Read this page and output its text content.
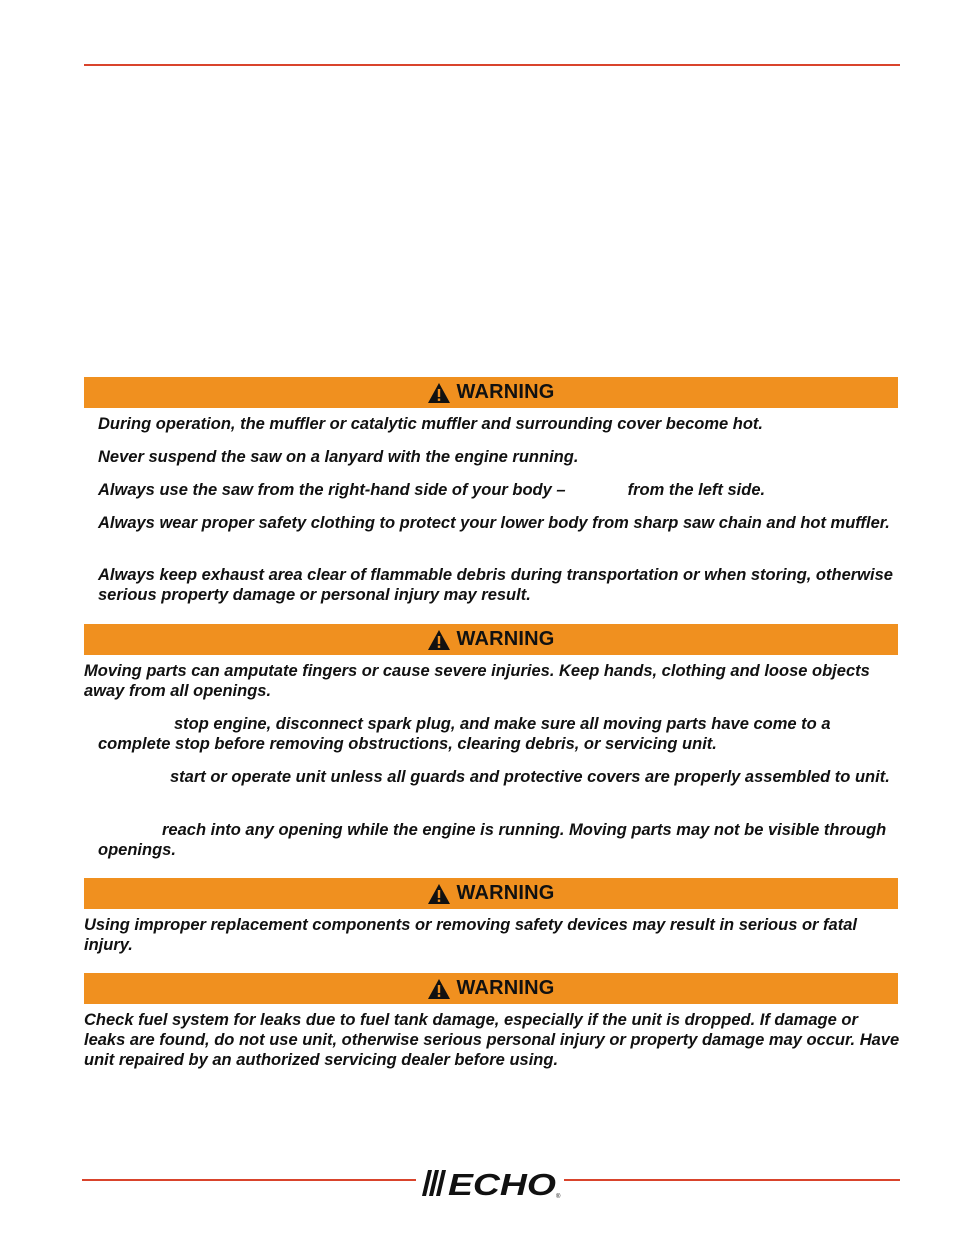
WARNING

During operation, the muffler or catalytic muffler and surrounding cover become hot.

Never suspend the saw on a lanyard with the engine running.

Always use the saw from the right-hand side of your body –	from the left side.

Always wear proper safety clothing to protect your lower body from sharp saw chain and hot muffler.

Always keep exhaust area clear of flammable debris during transportation or when storing, otherwise serious property damage or personal injury may result.

WARNING

Moving parts can amputate fingers or cause severe injuries. Keep hands, clothing and loose objects away from all openings.

stop engine, disconnect spark plug, and make sure all moving parts have come to a complete stop before removing obstructions, clearing debris, or servicing unit.

start or operate unit unless all guards and protective covers are properly assembled to unit.

reach into any opening while the engine is running. Moving parts may not be visible through openings.

WARNING

Using improper replacement components or removing safety devices may result in serious or fatal injury.

WARNING

Check fuel system for leaks due to fuel tank damage, especially if the unit is dropped. If damage or leaks are found, do not use unit, otherwise serious personal injury or property damage may occur. Have unit repaired by an authorized servicing dealer before using.

ECHO ®
